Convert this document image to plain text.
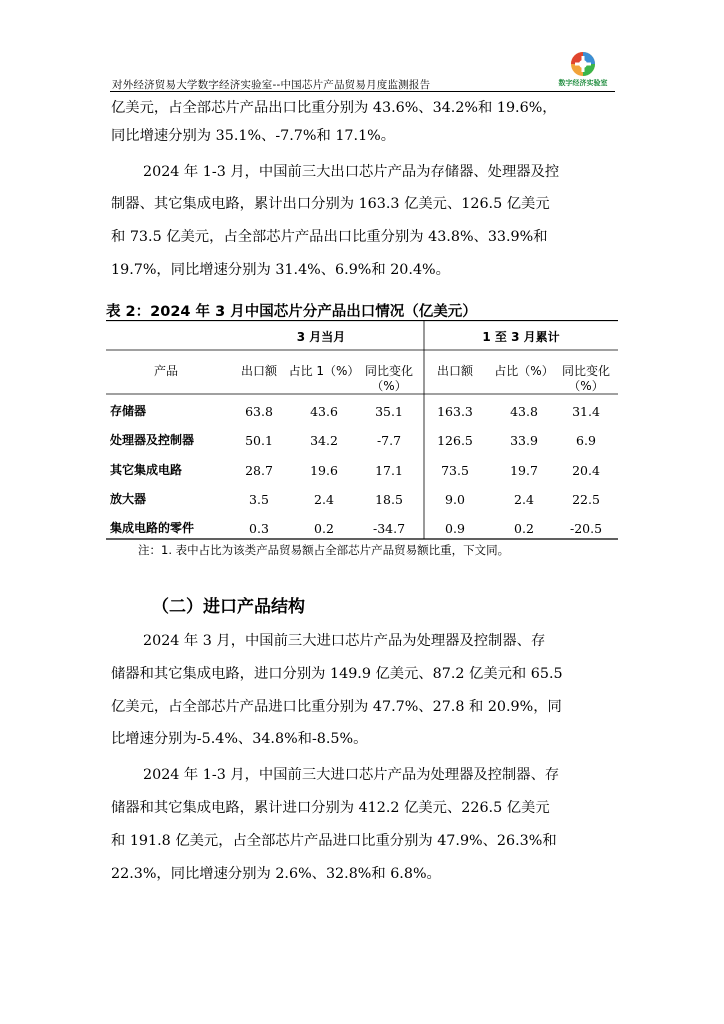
对外经济贸易大学数字经济实验室--中国芯片产品贸易月度监测报告	数字经济实验室
亿美元，占全部芯片产品出口比重分别为 43.6%、34.2%和 19.6%，
同比增速分别为 35.1%、-7.7%和 17.1%。
2024 年 1-3 月，中国前三大出口芯片产品为存储器、处理器及控
制器、其它集成电路，累计出口分别为 163.3 亿美元、126.5 亿美元
和 73.5 亿美元，占全部芯片产品出口比重分别为 43.8%、33.9%和
19.7%，同比增速分别为 31.4%、6.9%和 20.4%。
表 2：2024 年 3 月中国芯片分产品出口情况（亿美元）
3 月当月	1 至 3 月累计
产品	出口额 占比 1（%） 同比变化
（%）
出口额 占比（%） 同比变化
（%）
存储器	63.8	43.6	35.1	163.3	43.8	31.4
处理器及控制器	50.1	34.2	-7.7	126.5	33.9	6.9
其它集成电路	28.7	19.6	17.1	73.5	19.7	20.4
放大器	3.5	2.4	18.5	9.0	2.4	22.5
集成电路的零件	0.3	0.2	-34.7	0.9	0.2	-20.5
注：1. 表中占比为该类产品贸易额占全部芯片产品贸易额比重，下文同。
（二）进口产品结构
2024 年 3 月，中国前三大进口芯片产品为处理器及控制器、存
储器和其它集成电路，进口分别为 149.9 亿美元、87.2 亿美元和 65.5
亿美元，占全部芯片产品进口比重分别为 47.7%、27.8 和 20.9%，同
比增速分别为-5.4%、34.8%和-8.5%。
2024 年 1-3 月，中国前三大进口芯片产品为处理器及控制器、存
储器和其它集成电路，累计进口分别为 412.2 亿美元、226.5 亿美元
和 191.8 亿美元，占全部芯片产品进口比重分别为 47.9%、26.3%和
22.3%，同比增速分别为 2.6%、32.8%和 6.8%。
